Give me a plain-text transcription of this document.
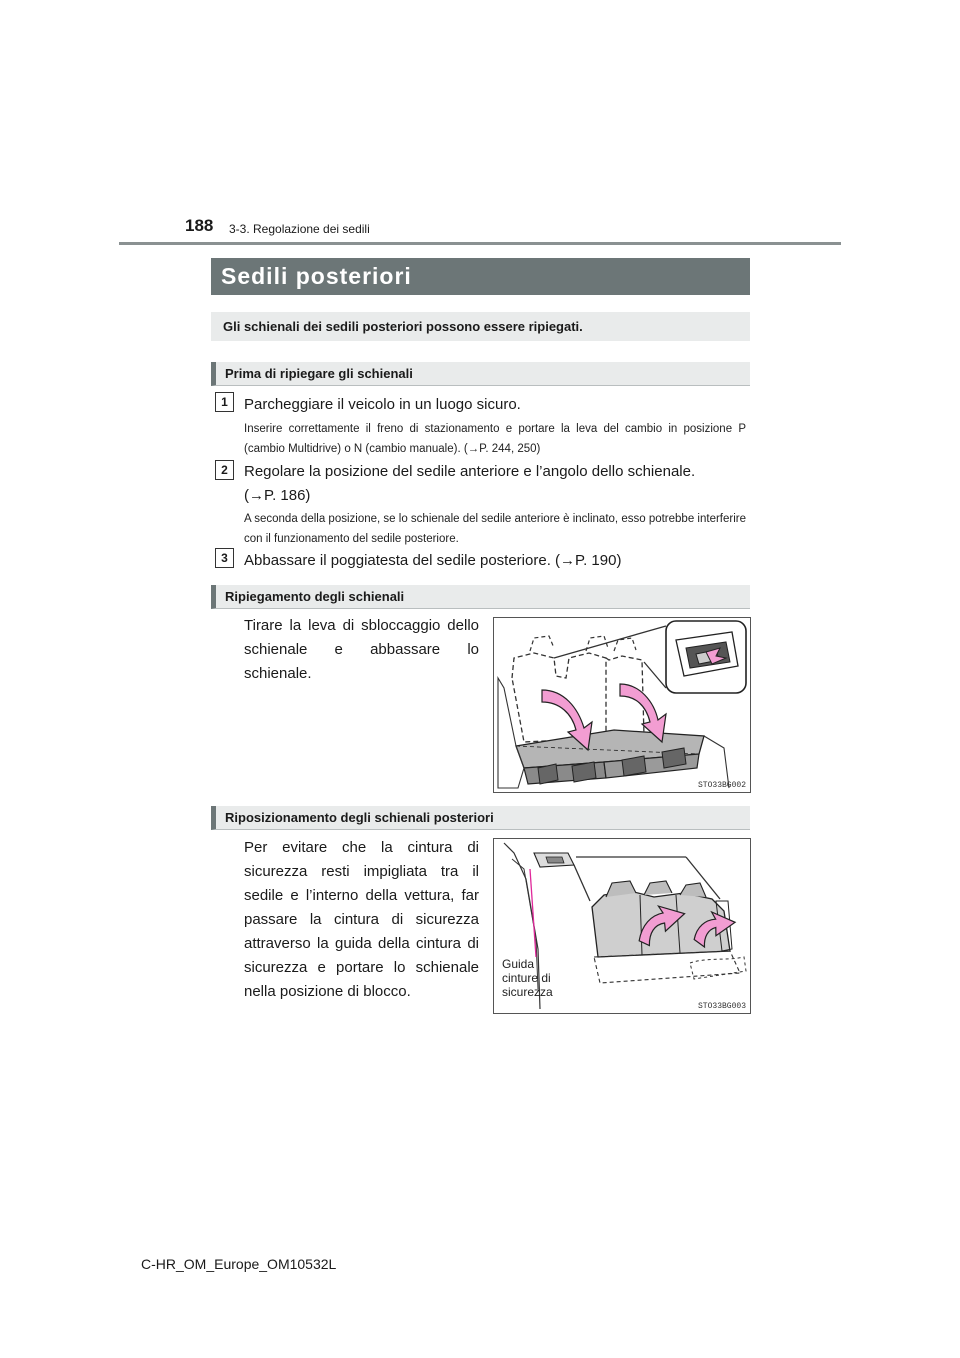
188 3-3. Regolazione dei sedili
Sedili posteriori
Gli schienali dei sedili posteriori possono essere ripiegati.
Prima di ripiegare gli schienali
1	Parcheggiare il veicolo in un luogo sicuro.
Inserire correttamente il freno di stazionamento e portare la leva del cambio in posizione P (cambio Multidrive) o N (cambio manuale). (→P. 244, 250)
2	Regolare la posizione del sedile anteriore e l’angolo dello schienale.
(→P. 186)
A seconda della posizione, se lo schienale del sedile anteriore è inclinato, esso potrebbe interferire con il funzionamento del sedile posteriore.
3	Abbassare il poggiatesta del sedile posteriore. (→P. 190)
Ripiegamento degli schienali
Tirare la leva di sbloccaggio dello schienale e abbassare lo schienale.
STO33BG002
Riposizionamento degli schienali posteriori
Per evitare che la cintura di sicurezza resti impigliata tra il sedile e l’interno della vettura, far passare la cintura di sicurezza attraverso la guida della cintura di sicurezza e portare lo schienale nella posizione di blocco.
Guida
cinture di
sicurezza
STO33BG003
C-HR_OM_Europe_OM10532L
